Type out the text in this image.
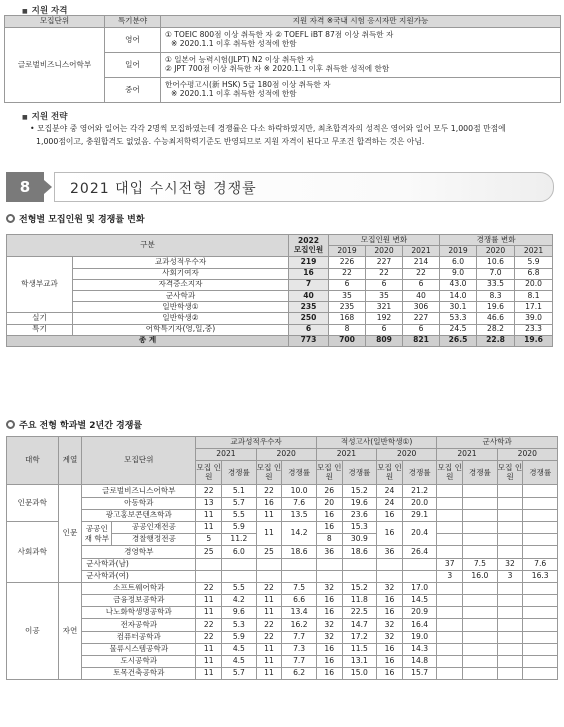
■ 지원 자격
모집단위	특기분야	지원 자격 ※국내 시험 응시자만 지원가능
글로벌비즈니스어학부	영어	① TOEIC 800점 이상 취득한 자 ② TOEFL iBT 87점 이상 취득한 자
※ 2020.1.1 이후 취득한 성적에 한함

	일어	① 일본어 능력시험(JLPT) N2 이상 취득한 자
② JPT 700점 이상 취득한 자 ※ 2020.1.1 이후 취득한 성적에 한함

	중어	한어수평고시(新 HSK) 5급 180점 이상 취득한 자
※ 2020.1.1 이후 취득한 성적에 한함
■ 지원 전략
• 모집분야 중 영어와 일어는 각각 2명씩 모집하였는데 경쟁률은 다소 하락하였지만, 최초합격자의 성적은 영어와 일어 모두 1,000점 만점에
1,000점이고, 충원합격도 없었음. 수능최저학력기준도 반영되므로 지원 자격이 된다고 무조건 합격하는 것은 아님.
8	2021 대입 수시전형 경쟁률
전형별 모집인원 및 경쟁률 변화
구분		2022
모집인원	모집인원 변화			경쟁률 변화		
			2019	2020	2021	2019	2020	2021
학생부교과	교과성적우수자	219	226	227	214	6.0	10.6	5.9
	사회기여자	16	22	22	22	9.0	7.0	6.8
	자격증소지자	7	6	6	6	43.0	33.5	20.0
	군사학과	40	35	35	40	14.0	8.3	8.1
	일반학생①	235	235	321	306	30.1	19.6	17.1
실기	일반학생②	250	168	192	227	53.3	46.6	39.0
특기	어학특기자(영,일,중)	6	8	6	6	24.5	28.2	23.3
총 계		773	700	809	821	26.5	22.8	19.6
주요 전형 학과별 2년간 경쟁률
대학	계열	모집단위		교과성적우수자				적성고사(일반학생①)				군사학과			
				2021		2020		2021		2020		2021		2020	
				모집 인원	경쟁률	모집 인원	경쟁률	모집 인원	경쟁률	모집 인원	경쟁률	모집 인원	경쟁률	모집 인원	경쟁률
인문과학	인문	글로벌비즈니스어학부		22	5.1	22	10.0	26	15.2	24	21.2				
		아동학과		13	5.7	16	7.6	20	19.6	24	20.0				
		광고홍보콘텐츠학과		11	5.5	11	13.5	16	23.6	16	29.1				
사회과학		공공인재 학부	공공인재전공	11	5.9	11	14.2	16	15.3	16	20.4				
			경찰행정전공	5	11.2			8	30.9						
		경영학부		25	6.0	25	18.6	36	18.6	36	26.4				
		군사학과(남)										37	7.5	32	7.6
		군사학과(여)										3	16.0	3	16.3
이공	자연	소프트웨어학과		22	5.5	22	7.5	32	15.2	32	17.0				
		금융정보공학과		11	4.2	11	6.6	16	11.8	16	14.5				
		나노화학생명공학과		11	9.6	11	13.4	16	22.5	16	20.9				
		전자공학과		22	5.3	22	16.2	32	14.7	32	16.4				
		컴퓨터공학과		22	5.9	22	7.7	32	17.2	32	19.0				
		물류시스템공학과		11	4.5	11	7.3	16	11.5	16	14.3				
		도시공학과		11	4.5	11	7.7	16	13.1	16	14.8				
		토목건축공학과		11	5.7	11	6.2	16	15.0	16	15.7				
